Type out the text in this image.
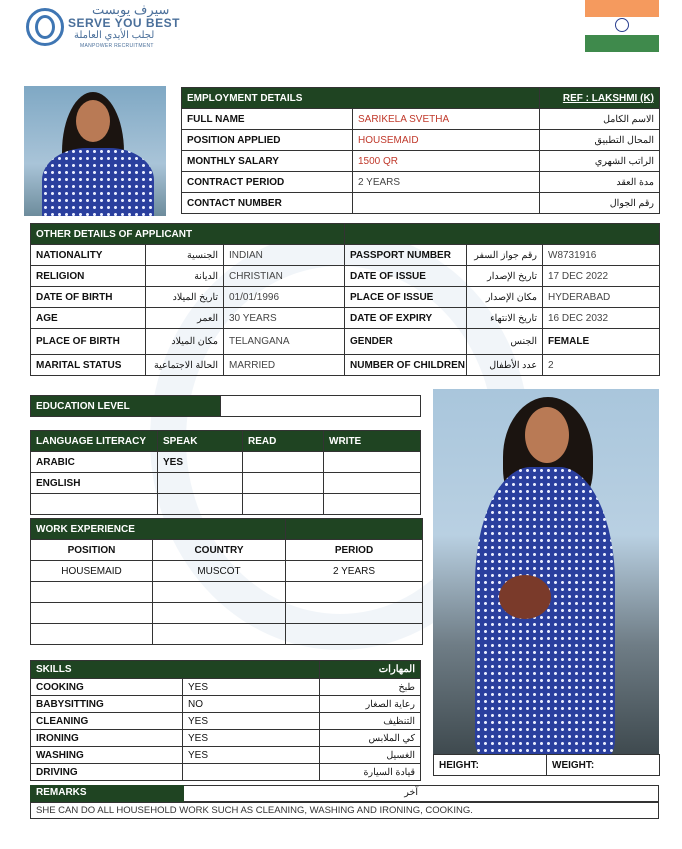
سيرف يوبست
SERVE YOU BEST
لجلب الأيدي العاملة
MANPOWER RECRUITMENT
EMPLOYMENT DETAILS		REF : LAKSHMI (K)
FULL NAME	SARIKELA SVETHA	الاسم الكامل
POSITION APPLIED	HOUSEMAID	المحال التطبيق
MONTHLY SALARY	1500 QR	الراتب الشهري
CONTRACT PERIOD	2 YEARS	مدة العقد
CONTACT NUMBER		رقم الجوال
OTHER DETAILS OF APPLICANT					
NATIONALITY	الجنسية	INDIAN	PASSPORT NUMBER	رقم جواز السفر	W8731916
RELIGION	الديانة	CHRISTIAN	DATE OF ISSUE	تاريخ الإصدار	17 DEC 2022
DATE OF BIRTH	تاريخ الميلاد	01/01/1996	PLACE OF ISSUE	مكان الإصدار	HYDERABAD
AGE	العمر	30 YEARS	DATE OF EXPIRY	تاريخ الانتهاء	16 DEC 2032
PLACE OF BIRTH	مكان الميلاد	TELANGANA	GENDER	الجنس	FEMALE
MARITAL STATUS	الحالة الاجتماعية	MARRIED	NUMBER OF CHILDREN	عدد الأطفال	2
EDUCATION LEVEL	
LANGUAGE LITERACY	SPEAK	READ	WRITE
ARABIC	YES		
ENGLISH			

WORK EXPERIENCE		
POSITION	COUNTRY	PERIOD
HOUSEMAID	MUSCOT	2 YEARS

SKILLS		المهارات
COOKING	YES	طبخ
BABYSITTING	NO	رعاية الصغار
CLEANING	YES	التنظيف
IRONING	YES	كي الملابس
WASHING	YES	الغسيل
DRIVING		قيادة السيارة
HEIGHT:	WEIGHT:
REMARKS	آخر
SHE CAN DO ALL HOUSEHOLD WORK SUCH AS CLEANING, WASHING AND IRONING, COOKING.
